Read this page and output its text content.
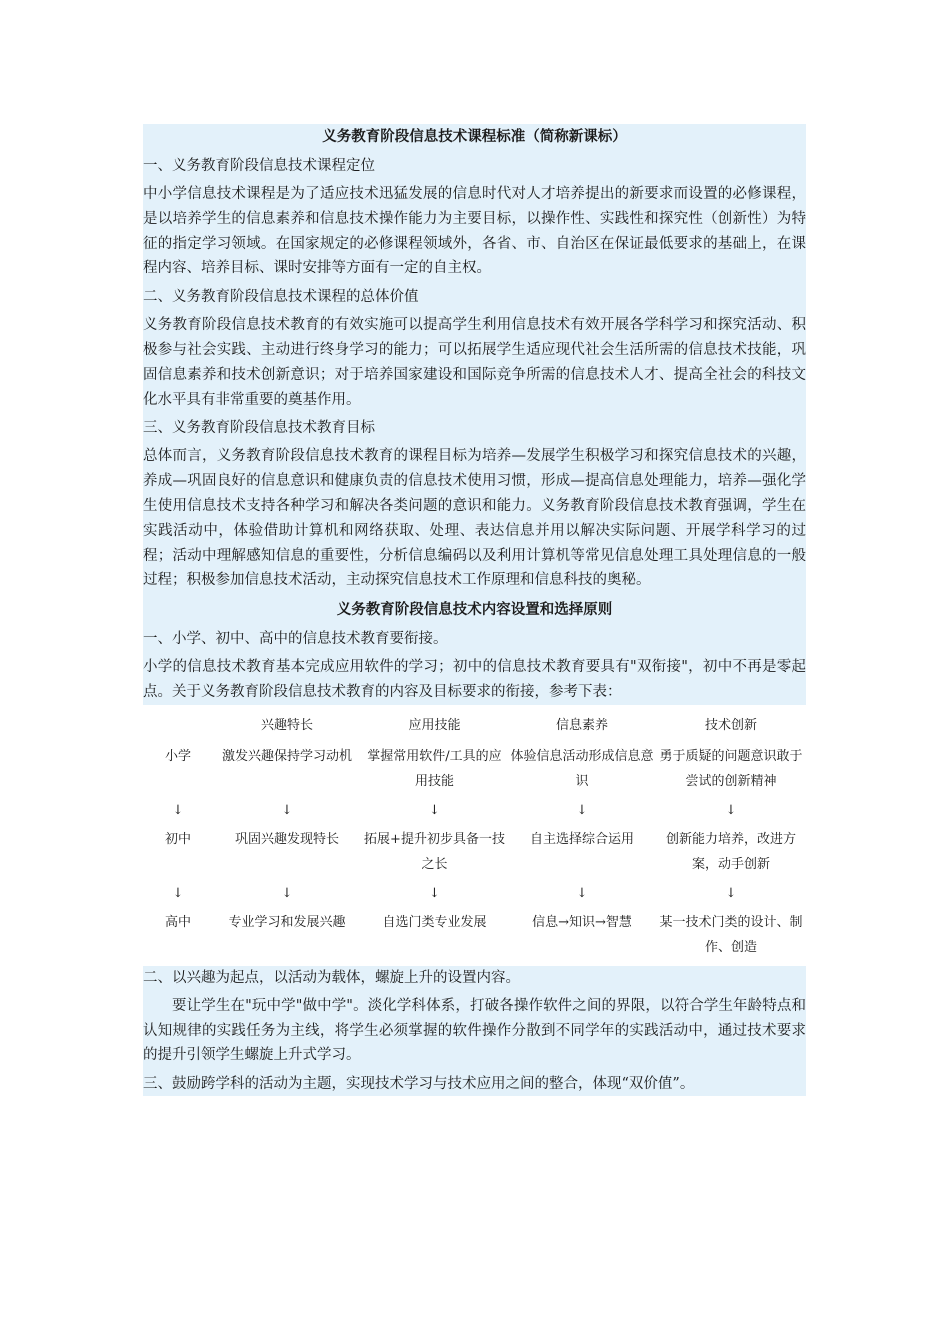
义务教育阶段信息技术课程标准（简称新课标）
一、义务教育阶段信息技术课程定位
中小学信息技术课程是为了适应技术迅猛发展的信息时代对人才培养提出的新要求而设置的必修课程，是以培养学生的信息素养和信息技术操作能力为主要目标，以操作性、实践性和探究性（创新性）为特征的指定学习领域。在国家规定的必修课程领域外，各省、市、自治区在保证最低要求的基础上，在课程内容、培养目标、课时安排等方面有一定的自主权。
二、义务教育阶段信息技术课程的总体价值
义务教育阶段信息技术教育的有效实施可以提高学生利用信息技术有效开展各学科学习和探究活动、积极参与社会实践、主动进行终身学习的能力；可以拓展学生适应现代社会生活所需的信息技术技能，巩固信息素养和技术创新意识；对于培养国家建设和国际竞争所需的信息技术人才、提高全社会的科技文化水平具有非常重要的奠基作用。
三、义务教育阶段信息技术教育目标
总体而言，义务教育阶段信息技术教育的课程目标为培养—发展学生积极学习和探究信息技术的兴趣，养成—巩固良好的信息意识和健康负责的信息技术使用习惯，形成—提高信息处理能力，培养—强化学生使用信息技术支持各种学习和解决各类问题的意识和能力。义务教育阶段信息技术教育强调，学生在实践活动中，体验借助计算机和网络获取、处理、表达信息并用以解决实际问题、开展学科学习的过程；活动中理解感知信息的重要性，分析信息编码以及利用计算机等常见信息处理工具处理信息的一般过程；积极参加信息技术活动，主动探究信息技术工作原理和信息科技的奥秘。
义务教育阶段信息技术内容设置和选择原则
一、小学、初中、高中的信息技术教育要衔接。
小学的信息技术教育基本完成应用软件的学习；初中的信息技术教育要具有"双衔接"，初中不再是零起点。关于义务教育阶段信息技术教育的内容及目标要求的衔接，参考下表：
	兴趣特长	应用技能	信息素养	技术创新
小学	激发兴趣保持学习动机	掌握常用软件/工具的应用技能	体验信息活动形成信息意识	勇于质疑的问题意识敢于尝试的创新精神
↓	↓	↓	↓	↓
初中	巩固兴趣发现特长	拓展+提升初步具备一技之长	自主选择综合运用	创新能力培养，改进方案，动手创新
↓	↓	↓	↓	↓
高中	专业学习和发展兴趣	自选门类专业发展	信息→知识→智慧	某一技术门类的设计、制作、创造
二、以兴趣为起点，以活动为载体，螺旋上升的设置内容。
要让学生在"玩中学"做中学"。淡化学科体系，打破各操作软件之间的界限，以符合学生年龄特点和认知规律的实践任务为主线，将学生必须掌握的软件操作分散到不同学年的实践活动中，通过技术要求的提升引领学生螺旋上升式学习。
三、鼓励跨学科的活动为主题，实现技术学习与技术应用之间的整合，体现“双价值”。
